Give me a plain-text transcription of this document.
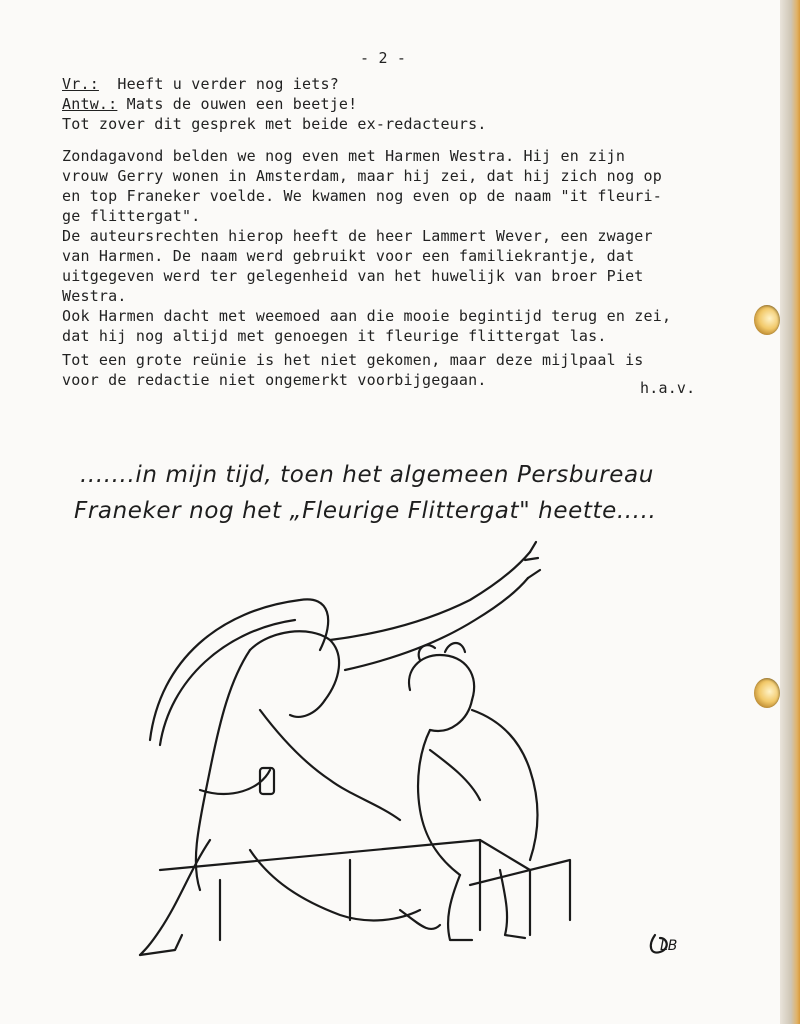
- 2 -
Vr.:  Heeft u verder nog iets?
Antw.: Mats de ouwen een beetje!
Tot zover dit gesprek met beide ex-redacteurs.
Zondagavond belden we nog even met Harmen Westra. Hij en zijn
vrouw Gerry wonen in Amsterdam, maar hij zei, dat hij zich nog op
en top Franeker voelde. We kwamen nog even op de naam "it fleuri-
ge flittergat".
De auteursrechten hierop heeft de heer Lammert Wever, een zwager
van Harmen. De naam werd gebruikt voor een familiekrantje, dat
uitgegeven werd ter gelegenheid van het huwelijk van broer Piet
Westra.
Ook Harmen dacht met weemoed aan die mooie begintijd terug en zei,
dat hij nog altijd met genoegen it fleurige flittergat las.
Tot een grote reünie is het niet gekomen, maar deze mijlpaal is
voor de redactie niet ongemerkt voorbijgegaan.	h.a.v.
.......in mijn tijd, toen het algemeen Persbureau
Franeker nog het „Fleurige Flittergat" heette.....
LB
